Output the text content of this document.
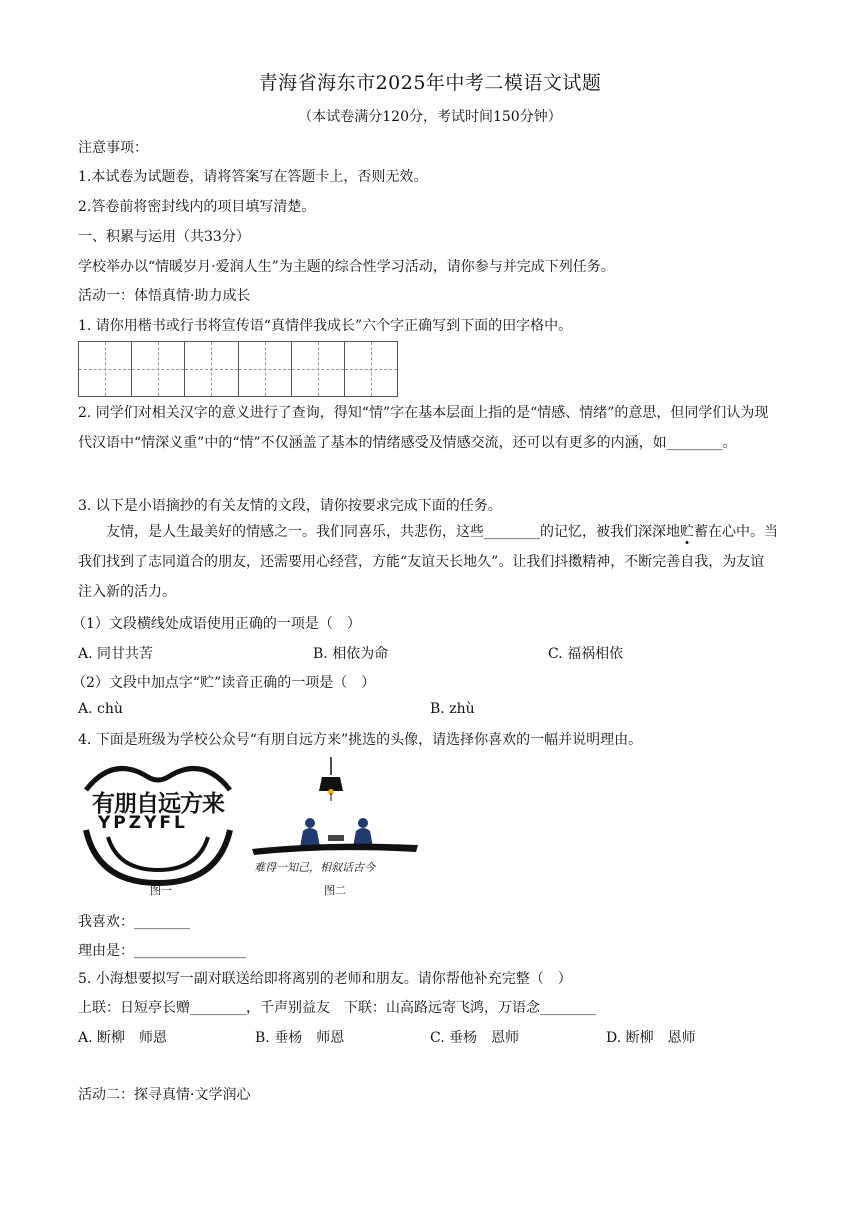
青海省海东市2025年中考二模语文试题
（本试卷满分120分，考试时间150分钟）
注意事项：
1.本试卷为试题卷，请将答案写在答题卡上，否则无效。
2.答卷前将密封线内的项目填写清楚。
一、积累与运用（共33分）
学校举办以“情暖岁月·爱润人生”为主题的综合性学习活动，请你参与并完成下列任务。
活动一：体悟真情·助力成长
1. 请你用楷书或行书将宣传语“真情伴我成长”六个字正确写到下面的田字格中。
2. 同学们对相关汉字的意义进行了查询，得知“情”字在基本层面上指的是“情感、情绪”的意思，但同学们认为现代汉语中“情深义重”中的“情”不仅涵盖了基本的情绪感受及情感交流，还可以有更多的内涵，如________。
3. 以下是小语摘抄的有关友情的文段，请你按要求完成下面的任务。
友情，是人生最美好的情感之一。我们同喜乐，共悲伤，这些________的记忆，被我们深深地贮蓄在心中。当我们找到了志同道合的朋友，还需要用心经营，方能“友谊天长地久”。让我们抖擞精神，不断完善自我，为友谊注入新的活力。
（1）文段横线处成语使用正确的一项是（　）
A. 同甘共苦	B. 相依为命	C. 福祸相依
（2）文段中加点字“贮”读音正确的一项是（　）
A. chù	B. zhù
4. 下面是班级为学校公众号“有朋自远方来”挑选的头像，请选择你喜欢的一幅并说明理由。
有朋自远方来
YPZYFL
图一
难得一知己，相叙话古今
图二
我喜欢：________
理由是：________________
5. 小海想要拟写一副对联送给即将离别的老师和朋友。请你帮他补充完整（　）
上联：日短亭长赠________，千声别益友　下联：山高路远寄飞鸿，万语念________
A. 断柳　师恩	B. 垂杨　师恩	C. 垂杨　恩师	D. 断柳　恩师
活动二：探寻真情·文学润心
